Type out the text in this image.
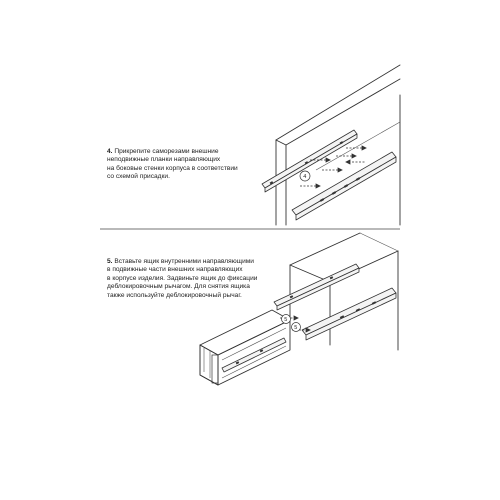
4. Прикрепите саморезами внешние

неподвижные планки направляющих

на боковые стенки корпуса в соответствии

со схемой присадки.

5. Вставьте ящик внутренними направляющими

в подвижные части внешних направляющих

в корпусе изделия. Задвиньте ящик до фиксации

деблокировочным рычагом. Для снятия ящика

также используйте деблокировочный рычаг.

4
5
5
